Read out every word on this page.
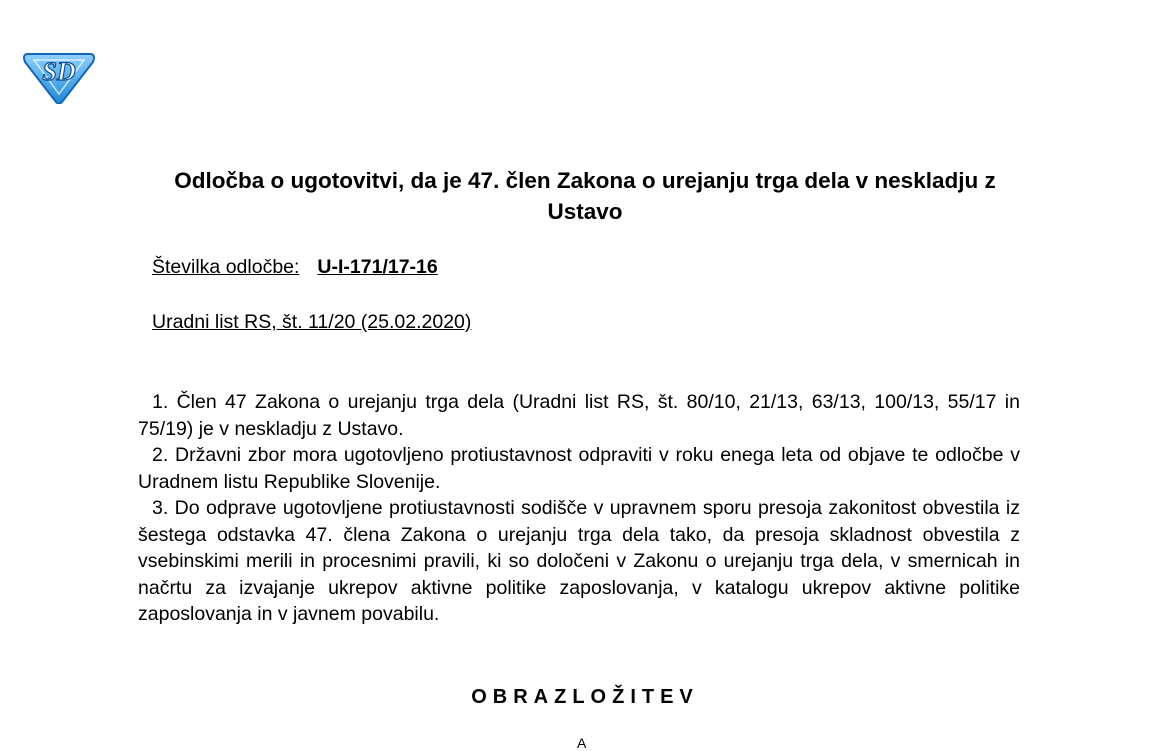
SD
Odločba o ugotovitvi, da je 47. člen Zakona o urejanju trga dela v neskladju z Ustavo
Številka odločbe: U-I-171/17-16
Uradni list RS, št. 11/20 (25.02.2020)

1. Člen 47 Zakona o urejanju trga dela (Uradni list RS, št. 80/10, 21/13, 63/13, 100/13, 55/17 in 75/19) je v neskladju z Ustavo.

2. Državni zbor mora ugotovljeno protiustavnost odpraviti v roku enega leta od objave te odločbe v Uradnem listu Republike Slovenije.

3. Do odprave ugotovljene protiustavnosti sodišče v upravnem sporu presoja zakonitost obvestila iz šestega odstavka 47. člena Zakona o urejanju trga dela tako, da presoja skladnost obvestila z vsebinskimi merili in procesnimi pravili, ki so določeni v Zakonu o urejanju trga dela, v smernicah in načrtu za izvajanje ukrepov aktivne politike zaposlovanja, v katalogu ukrepov aktivne politike zaposlovanja in v javnem povabilu.

OBRAZLOŽITEV
A
